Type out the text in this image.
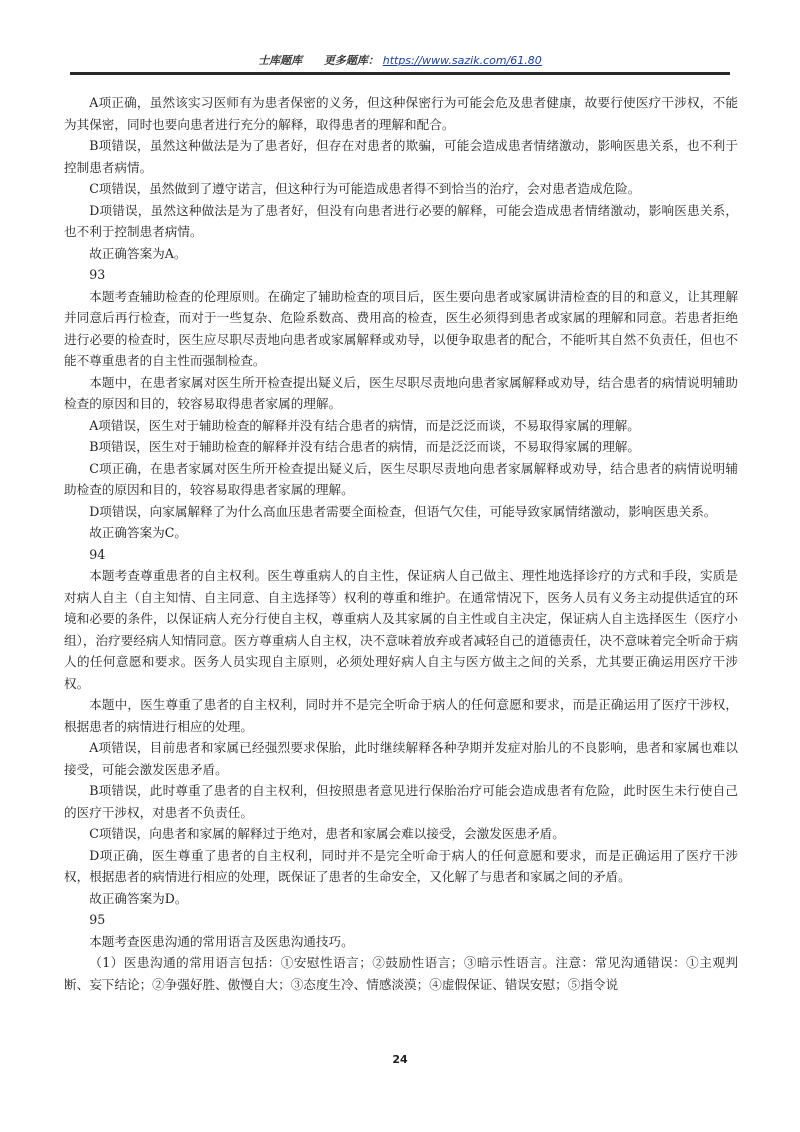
士库题库 更多题库： https://www.sazik.com/61.80

A项正确，虽然该实习医师有为患者保密的义务，但这种保密行为可能会危及患者健康，故要行使医疗干涉权，不能为其保密，同时也要向患者进行充分的解释，取得患者的理解和配合。

B项错误，虽然这种做法是为了患者好，但存在对患者的欺骗，可能会造成患者情绪激动，影响医患关系，也不利于控制患者病情。

C项错误，虽然做到了遵守诺言，但这种行为可能造成患者得不到恰当的治疗，会对患者造成危险。

D项错误，虽然这种做法是为了患者好，但没有向患者进行必要的解释，可能会造成患者情绪激动，影响医患关系，也不利于控制患者病情。

故正确答案为A。

93

本题考查辅助检查的伦理原则。在确定了辅助检查的项目后，医生要向患者或家属讲清检查的目的和意义，让其理解并同意后再行检查，而对于一些复杂、危险系数高、费用高的检查，医生必须得到患者或家属的理解和同意。若患者拒绝进行必要的检查时，医生应尽职尽责地向患者或家属解释或劝导，以便争取患者的配合，不能听其自然不负责任，但也不能不尊重患者的自主性而强制检查。

本题中，在患者家属对医生所开检查提出疑义后，医生尽职尽责地向患者家属解释或劝导，结合患者的病情说明辅助检查的原因和目的，较容易取得患者家属的理解。

A项错误，医生对于辅助检查的解释并没有结合患者的病情，而是泛泛而谈，不易取得家属的理解。

B项错误，医生对于辅助检查的解释并没有结合患者的病情，而是泛泛而谈，不易取得家属的理解。

C项正确，在患者家属对医生所开检查提出疑义后，医生尽职尽责地向患者家属解释或劝导，结合患者的病情说明辅助检查的原因和目的，较容易取得患者家属的理解。

D项错误，向家属解释了为什么高血压患者需要全面检查，但语气欠佳，可能导致家属情绪激动，影响医患关系。

故正确答案为C。

94

本题考查尊重患者的自主权利。医生尊重病人的自主性，保证病人自己做主、理性地选择诊疗的方式和手段，实质是对病人自主（自主知情、自主同意、自主选择等）权利的尊重和维护。在通常情况下，医务人员有义务主动提供适宜的环境和必要的条件，以保证病人充分行使自主权，尊重病人及其家属的自主性或自主决定，保证病人自主选择医生（医疗小组），治疗要经病人知情同意。医方尊重病人自主权，决不意味着放弃或者减轻自己的道德责任，决不意味着完全听命于病人的任何意愿和要求。医务人员实现自主原则，必须处理好病人自主与医方做主之间的关系，尤其要正确运用医疗干涉权。

本题中，医生尊重了患者的自主权利，同时并不是完全听命于病人的任何意愿和要求，而是正确运用了医疗干涉权，根据患者的病情进行相应的处理。

A项错误，目前患者和家属已经强烈要求保胎，此时继续解释各种孕期并发症对胎儿的不良影响，患者和家属也难以接受，可能会激发医患矛盾。

B项错误，此时尊重了患者的自主权利，但按照患者意见进行保胎治疗可能会造成患者有危险，此时医生未行使自己的医疗干涉权，对患者不负责任。

C项错误，向患者和家属的解释过于绝对，患者和家属会难以接受，会激发医患矛盾。

D项正确，医生尊重了患者的自主权利，同时并不是完全听命于病人的任何意愿和要求，而是正确运用了医疗干涉权，根据患者的病情进行相应的处理，既保证了患者的生命安全，又化解了与患者和家属之间的矛盾。

故正确答案为D。

95

本题考查医患沟通的常用语言及医患沟通技巧。

（1）医患沟通的常用语言包括：①安慰性语言；②鼓励性语言；③暗示性语言。注意：常见沟通错误：①主观判断、妄下结论；②争强好胜、傲慢自大；③态度生冷、情感淡漠；④虚假保证、错误安慰；⑤指令说

24
